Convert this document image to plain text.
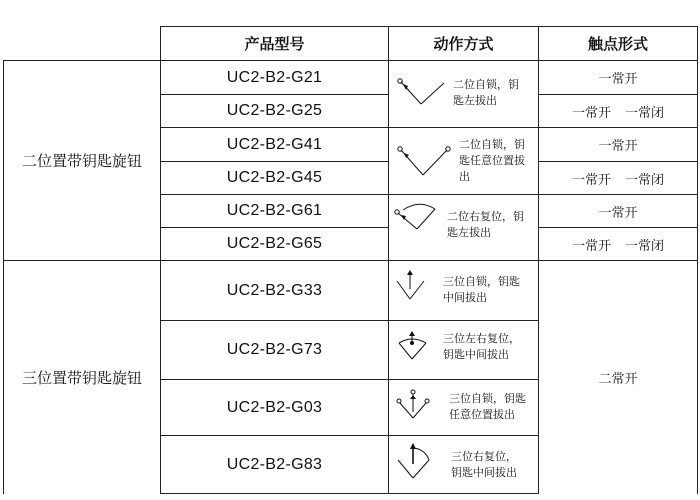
产品型号	动作方式	触点形式
二位置带钥匙旋钮
三位置带钥匙旋钮
UC2-B2-G21
UC2-B2-G25
UC2-B2-G41
UC2-B2-G45
UC2-B2-G61
UC2-B2-G65
UC2-B2-G33
UC2-B2-G73
UC2-B2-G03
UC2-B2-G83
一常开
一常开 一常闭
一常开
一常开 一常闭
一常开
一常开 一常闭
二常开
二位自锁，钥
匙左拔出
二位自锁，钥
匙任意位置拔
出
二位右复位，钥
匙左拔出
三位自锁，钥匙
中间拔出
三位左右复位，
钥匙中间拔出
三位自锁，钥匙
任意位置拔出
三位右复位，
钥匙中间拔出
